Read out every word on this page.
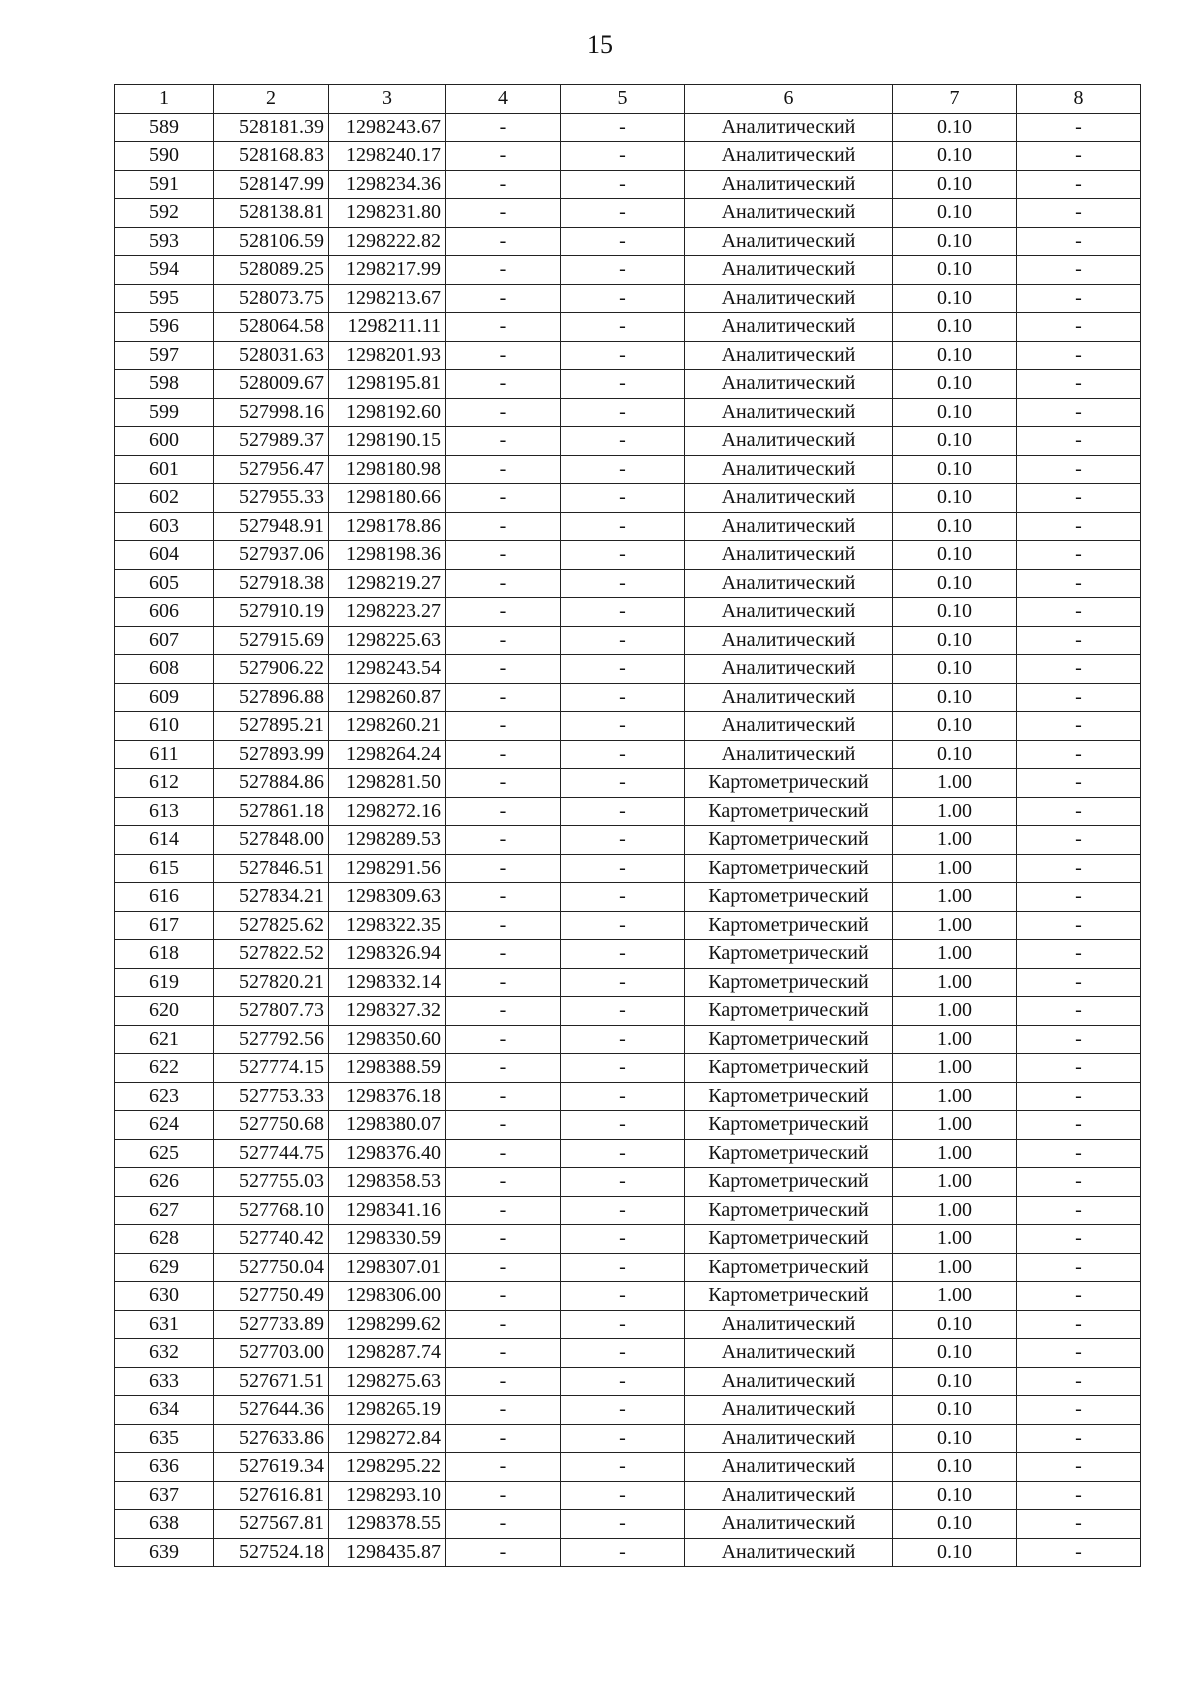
15
1	2	3	4	5	6	7	8
589	528181.39	1298243.67	-	-	Аналитический	0.10	-
590	528168.83	1298240.17	-	-	Аналитический	0.10	-
591	528147.99	1298234.36	-	-	Аналитический	0.10	-
592	528138.81	1298231.80	-	-	Аналитический	0.10	-
593	528106.59	1298222.82	-	-	Аналитический	0.10	-
594	528089.25	1298217.99	-	-	Аналитический	0.10	-
595	528073.75	1298213.67	-	-	Аналитический	0.10	-
596	528064.58	1298211.11	-	-	Аналитический	0.10	-
597	528031.63	1298201.93	-	-	Аналитический	0.10	-
598	528009.67	1298195.81	-	-	Аналитический	0.10	-
599	527998.16	1298192.60	-	-	Аналитический	0.10	-
600	527989.37	1298190.15	-	-	Аналитический	0.10	-
601	527956.47	1298180.98	-	-	Аналитический	0.10	-
602	527955.33	1298180.66	-	-	Аналитический	0.10	-
603	527948.91	1298178.86	-	-	Аналитический	0.10	-
604	527937.06	1298198.36	-	-	Аналитический	0.10	-
605	527918.38	1298219.27	-	-	Аналитический	0.10	-
606	527910.19	1298223.27	-	-	Аналитический	0.10	-
607	527915.69	1298225.63	-	-	Аналитический	0.10	-
608	527906.22	1298243.54	-	-	Аналитический	0.10	-
609	527896.88	1298260.87	-	-	Аналитический	0.10	-
610	527895.21	1298260.21	-	-	Аналитический	0.10	-
611	527893.99	1298264.24	-	-	Аналитический	0.10	-
612	527884.86	1298281.50	-	-	Картометрический	1.00	-
613	527861.18	1298272.16	-	-	Картометрический	1.00	-
614	527848.00	1298289.53	-	-	Картометрический	1.00	-
615	527846.51	1298291.56	-	-	Картометрический	1.00	-
616	527834.21	1298309.63	-	-	Картометрический	1.00	-
617	527825.62	1298322.35	-	-	Картометрический	1.00	-
618	527822.52	1298326.94	-	-	Картометрический	1.00	-
619	527820.21	1298332.14	-	-	Картометрический	1.00	-
620	527807.73	1298327.32	-	-	Картометрический	1.00	-
621	527792.56	1298350.60	-	-	Картометрический	1.00	-
622	527774.15	1298388.59	-	-	Картометрический	1.00	-
623	527753.33	1298376.18	-	-	Картометрический	1.00	-
624	527750.68	1298380.07	-	-	Картометрический	1.00	-
625	527744.75	1298376.40	-	-	Картометрический	1.00	-
626	527755.03	1298358.53	-	-	Картометрический	1.00	-
627	527768.10	1298341.16	-	-	Картометрический	1.00	-
628	527740.42	1298330.59	-	-	Картометрический	1.00	-
629	527750.04	1298307.01	-	-	Картометрический	1.00	-
630	527750.49	1298306.00	-	-	Картометрический	1.00	-
631	527733.89	1298299.62	-	-	Аналитический	0.10	-
632	527703.00	1298287.74	-	-	Аналитический	0.10	-
633	527671.51	1298275.63	-	-	Аналитический	0.10	-
634	527644.36	1298265.19	-	-	Аналитический	0.10	-
635	527633.86	1298272.84	-	-	Аналитический	0.10	-
636	527619.34	1298295.22	-	-	Аналитический	0.10	-
637	527616.81	1298293.10	-	-	Аналитический	0.10	-
638	527567.81	1298378.55	-	-	Аналитический	0.10	-
639	527524.18	1298435.87	-	-	Аналитический	0.10	-
